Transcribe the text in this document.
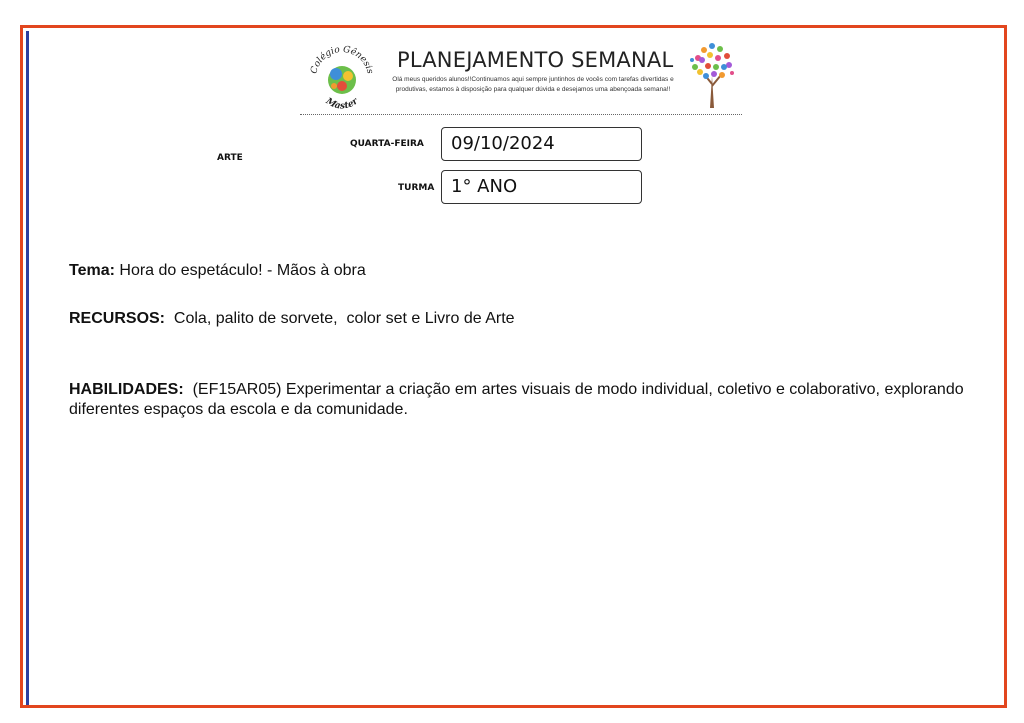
Colégio Gênesis
Master
PLANEJAMENTO SEMANAL
Olá meus queridos alunos!!Continuamos aqui sempre juntinhos de vocês com tarefas divertidas e produtivas, estamos à disposição para qualquer dúvida e desejamos uma abençoada semana!!
ARTE
QUARTA-FEIRA	09/10/2024
TURMA 1° ANO
Tema: Hora do espetáculo! - Mãos à obra
RECURSOS: Cola, palito de sorvete,  color set e Livro de Arte
HABILIDADES: (EF15AR05) Experimentar a criação em artes visuais de modo individual, coletivo e colaborativo, explorando diferentes espaços da escola e da comunidade.
